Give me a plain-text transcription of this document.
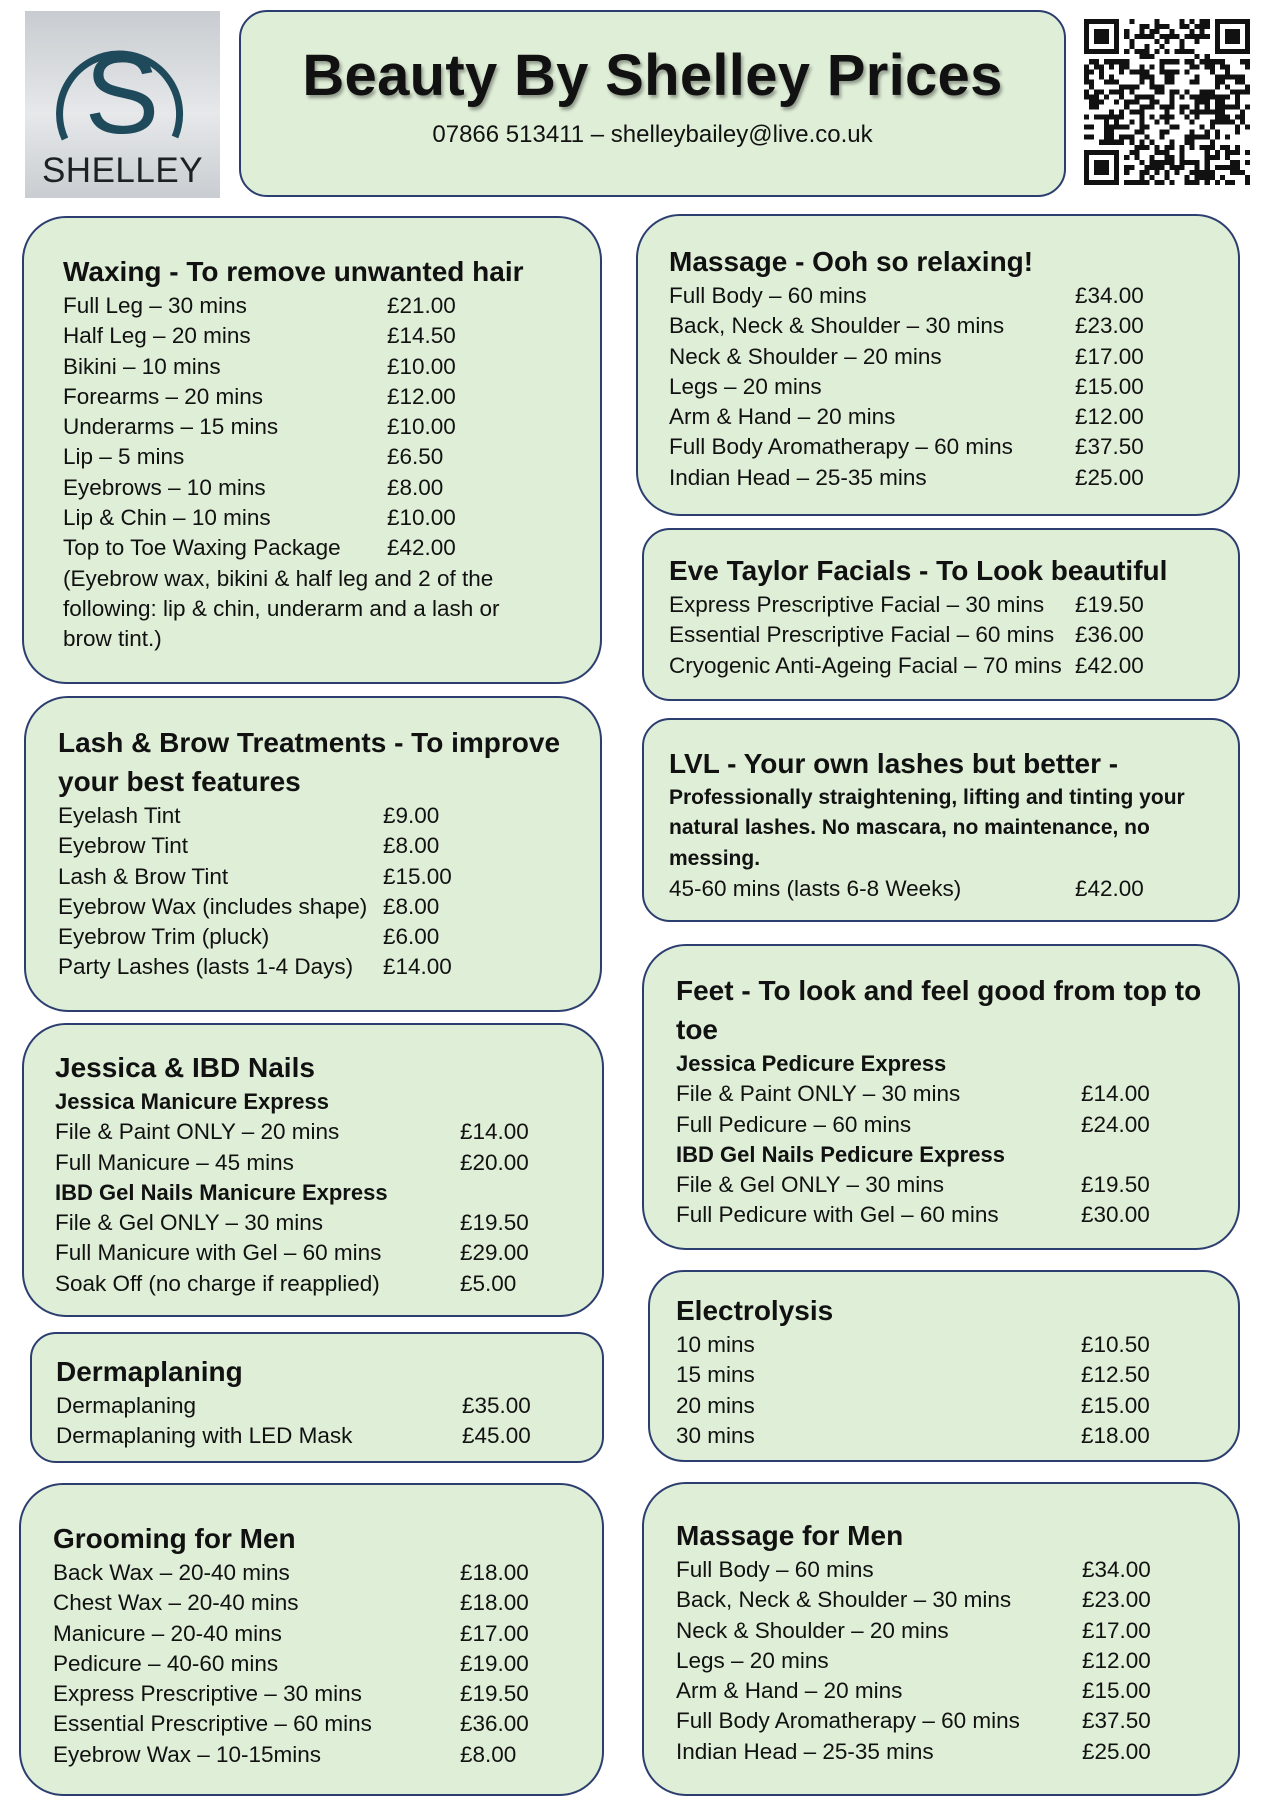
S
SHELLEY
Beauty By Shelley Prices
07866 513411 – shelleybailey@live.co.uk
Waxing - To remove unwanted hair
Full Leg – 30 mins	£21.00
Half Leg – 20 mins	£14.50
Bikini – 10 mins	£10.00
Forearms – 20 mins	£12.00
Underarms – 15 mins	£10.00
Lip – 5 mins	£6.50
Eyebrows – 10 mins	£8.00
Lip & Chin – 10 mins	£10.00
Top to Toe Waxing Package	£42.00
(Eyebrow wax, bikini & half leg and 2 of the following: lip & chin, underarm and a lash or brow tint.)
Lash & Brow Treatments - To improve your best features
Eyelash Tint	£9.00
Eyebrow Tint	£8.00
Lash & Brow Tint	£15.00
Eyebrow Wax (includes shape) £8.00
Eyebrow Trim (pluck)	£6.00
Party Lashes (lasts 1-4 Days)	£14.00
Jessica & IBD Nails
Jessica Manicure Express
File & Paint ONLY – 20 mins	£14.00
Full Manicure – 45 mins	£20.00
IBD Gel Nails Manicure Express
File & Gel ONLY – 30 mins	£19.50
Full Manicure with Gel – 60 mins	£29.00
Soak Off (no charge if reapplied)	£5.00
Dermaplaning
Dermaplaning	£35.00
Dermaplaning with LED Mask	£45.00
Grooming for Men
Back Wax – 20-40 mins	£18.00
Chest Wax – 20-40 mins	£18.00
Manicure – 20-40 mins	£17.00
Pedicure – 40-60 mins	£19.00
Express Prescriptive – 30 mins	£19.50
Essential Prescriptive – 60 mins	£36.00
Eyebrow Wax – 10-15mins	£8.00
Massage - Ooh so relaxing!
Full Body – 60 mins	£34.00
Back, Neck & Shoulder – 30 mins	£23.00
Neck & Shoulder – 20 mins	£17.00
Legs – 20 mins	£15.00
Arm & Hand – 20 mins	£12.00
Full Body Aromatherapy – 60 mins	£37.50
Indian Head – 25-35 mins	£25.00
Eve Taylor Facials - To Look beautiful
Express Prescriptive Facial – 30 mins	£19.50
Essential Prescriptive Facial – 60 mins £36.00
Cryogenic Anti-Ageing Facial – 70 mins £42.00
LVL - Your own lashes but better -
Professionally straightening, lifting and tinting your natural lashes. No mascara, no maintenance, no messing.
45-60 mins (lasts 6-8 Weeks)	£42.00
Feet - To look and feel good from top to toe
Jessica Pedicure Express
File & Paint ONLY – 30 mins	£14.00
Full Pedicure – 60 mins	£24.00
IBD Gel Nails Pedicure Express
File & Gel ONLY – 30 mins	£19.50
Full Pedicure with Gel – 60 mins	£30.00
Electrolysis
10 mins	£10.50
15 mins	£12.50
20 mins	£15.00
30 mins	£18.00
Massage for Men
Full Body – 60 mins	£34.00
Back, Neck & Shoulder – 30 mins	£23.00
Neck & Shoulder – 20 mins	£17.00
Legs – 20 mins	£12.00
Arm & Hand – 20 mins	£15.00
Full Body Aromatherapy – 60 mins	£37.50
Indian Head – 25-35 mins	£25.00
